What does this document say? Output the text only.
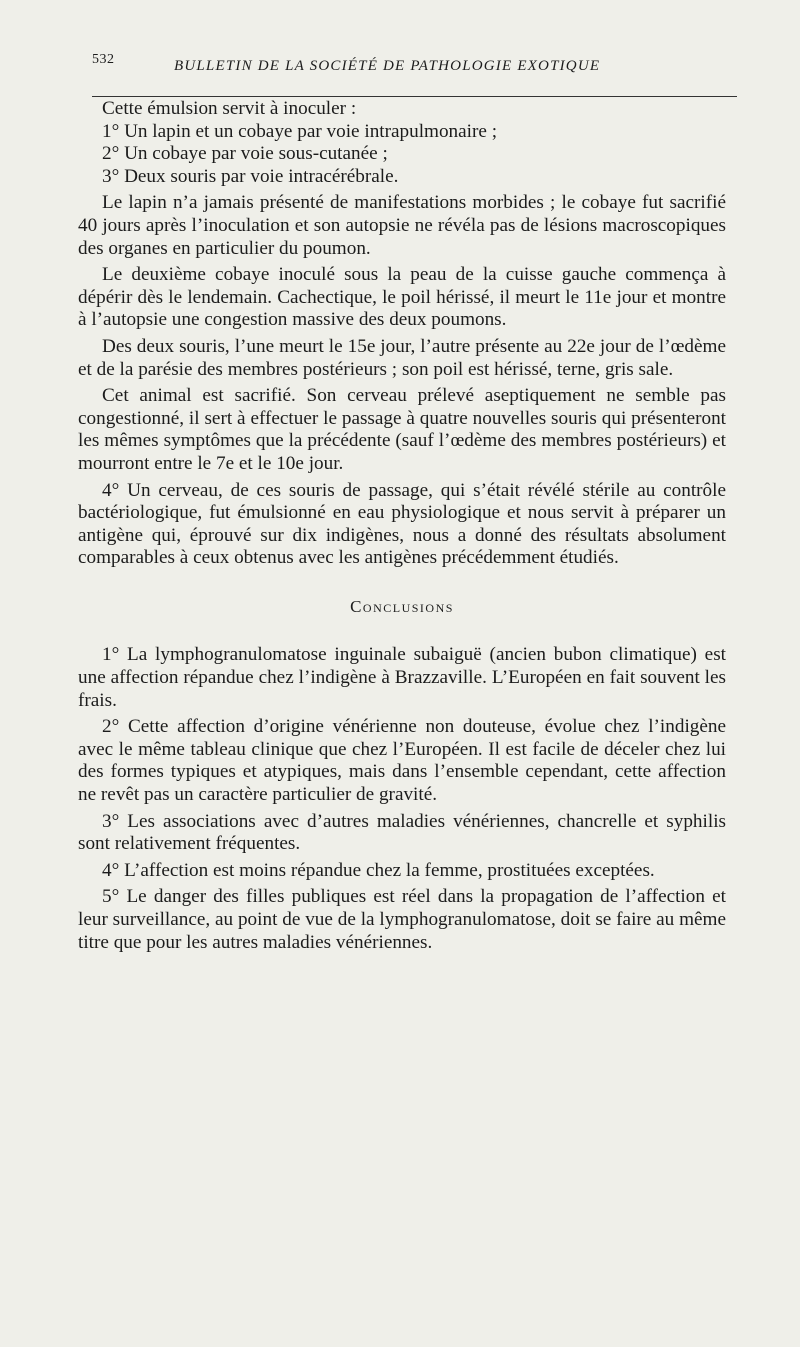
532	BULLETIN DE LA SOCIÉTÉ DE PATHOLOGIE EXOTIQUE

Cette émulsion servit à inoculer :

1° Un lapin et un cobaye par voie intrapulmonaire ;

2° Un cobaye par voie sous-cutanée ;

3° Deux souris par voie intracérébrale.

Le lapin n’a jamais présenté de manifestations morbides ; le cobaye fut sacrifié 40 jours après l’inoculation et son autopsie ne révéla pas de lésions macroscopiques des organes en particulier du poumon.

Le deuxième cobaye inoculé sous la peau de la cuisse gauche commença à dépérir dès le lendemain. Cachectique, le poil hérissé, il meurt le 11e jour et montre à l’autopsie une congestion massive des deux poumons.

Des deux souris, l’une meurt le 15e jour, l’autre présente au 22e jour de l’œdème et de la parésie des membres postérieurs ; son poil est hérissé, terne, gris sale.

Cet animal est sacrifié. Son cerveau prélevé aseptiquement ne semble pas congestionné, il sert à effectuer le passage à quatre nouvelles souris qui présenteront les mêmes symptômes que la précédente (sauf l’œdème des membres postérieurs) et mourront entre le 7e et le 10e jour.

4° Un cerveau, de ces souris de passage, qui s’était révélé stérile au contrôle bactériologique, fut émulsionné en eau physiologique et nous servit à préparer un antigène qui, éprouvé sur dix indigènes, nous a donné des résultats absolument comparables à ceux obtenus avec les antigènes précédemment étudiés.

Conclusions

1° La lymphogranulomatose inguinale subaiguë (ancien bubon climatique) est une affection répandue chez l’indigène à Brazzaville. L’Européen en fait souvent les frais.

2° Cette affection d’origine vénérienne non douteuse, évolue chez l’indigène avec le même tableau clinique que chez l’Européen. Il est facile de déceler chez lui des formes typiques et atypiques, mais dans l’ensemble cependant, cette affection ne revêt pas un caractère particulier de gravité.

3° Les associations avec d’autres maladies vénériennes, chancrelle et syphilis sont relativement fréquentes.

4° L’affection est moins répandue chez la femme, prostituées exceptées.

5° Le danger des filles publiques est réel dans la propagation de l’affection et leur surveillance, au point de vue de la lymphogranulomatose, doit se faire au même titre que pour les autres maladies vénériennes.
